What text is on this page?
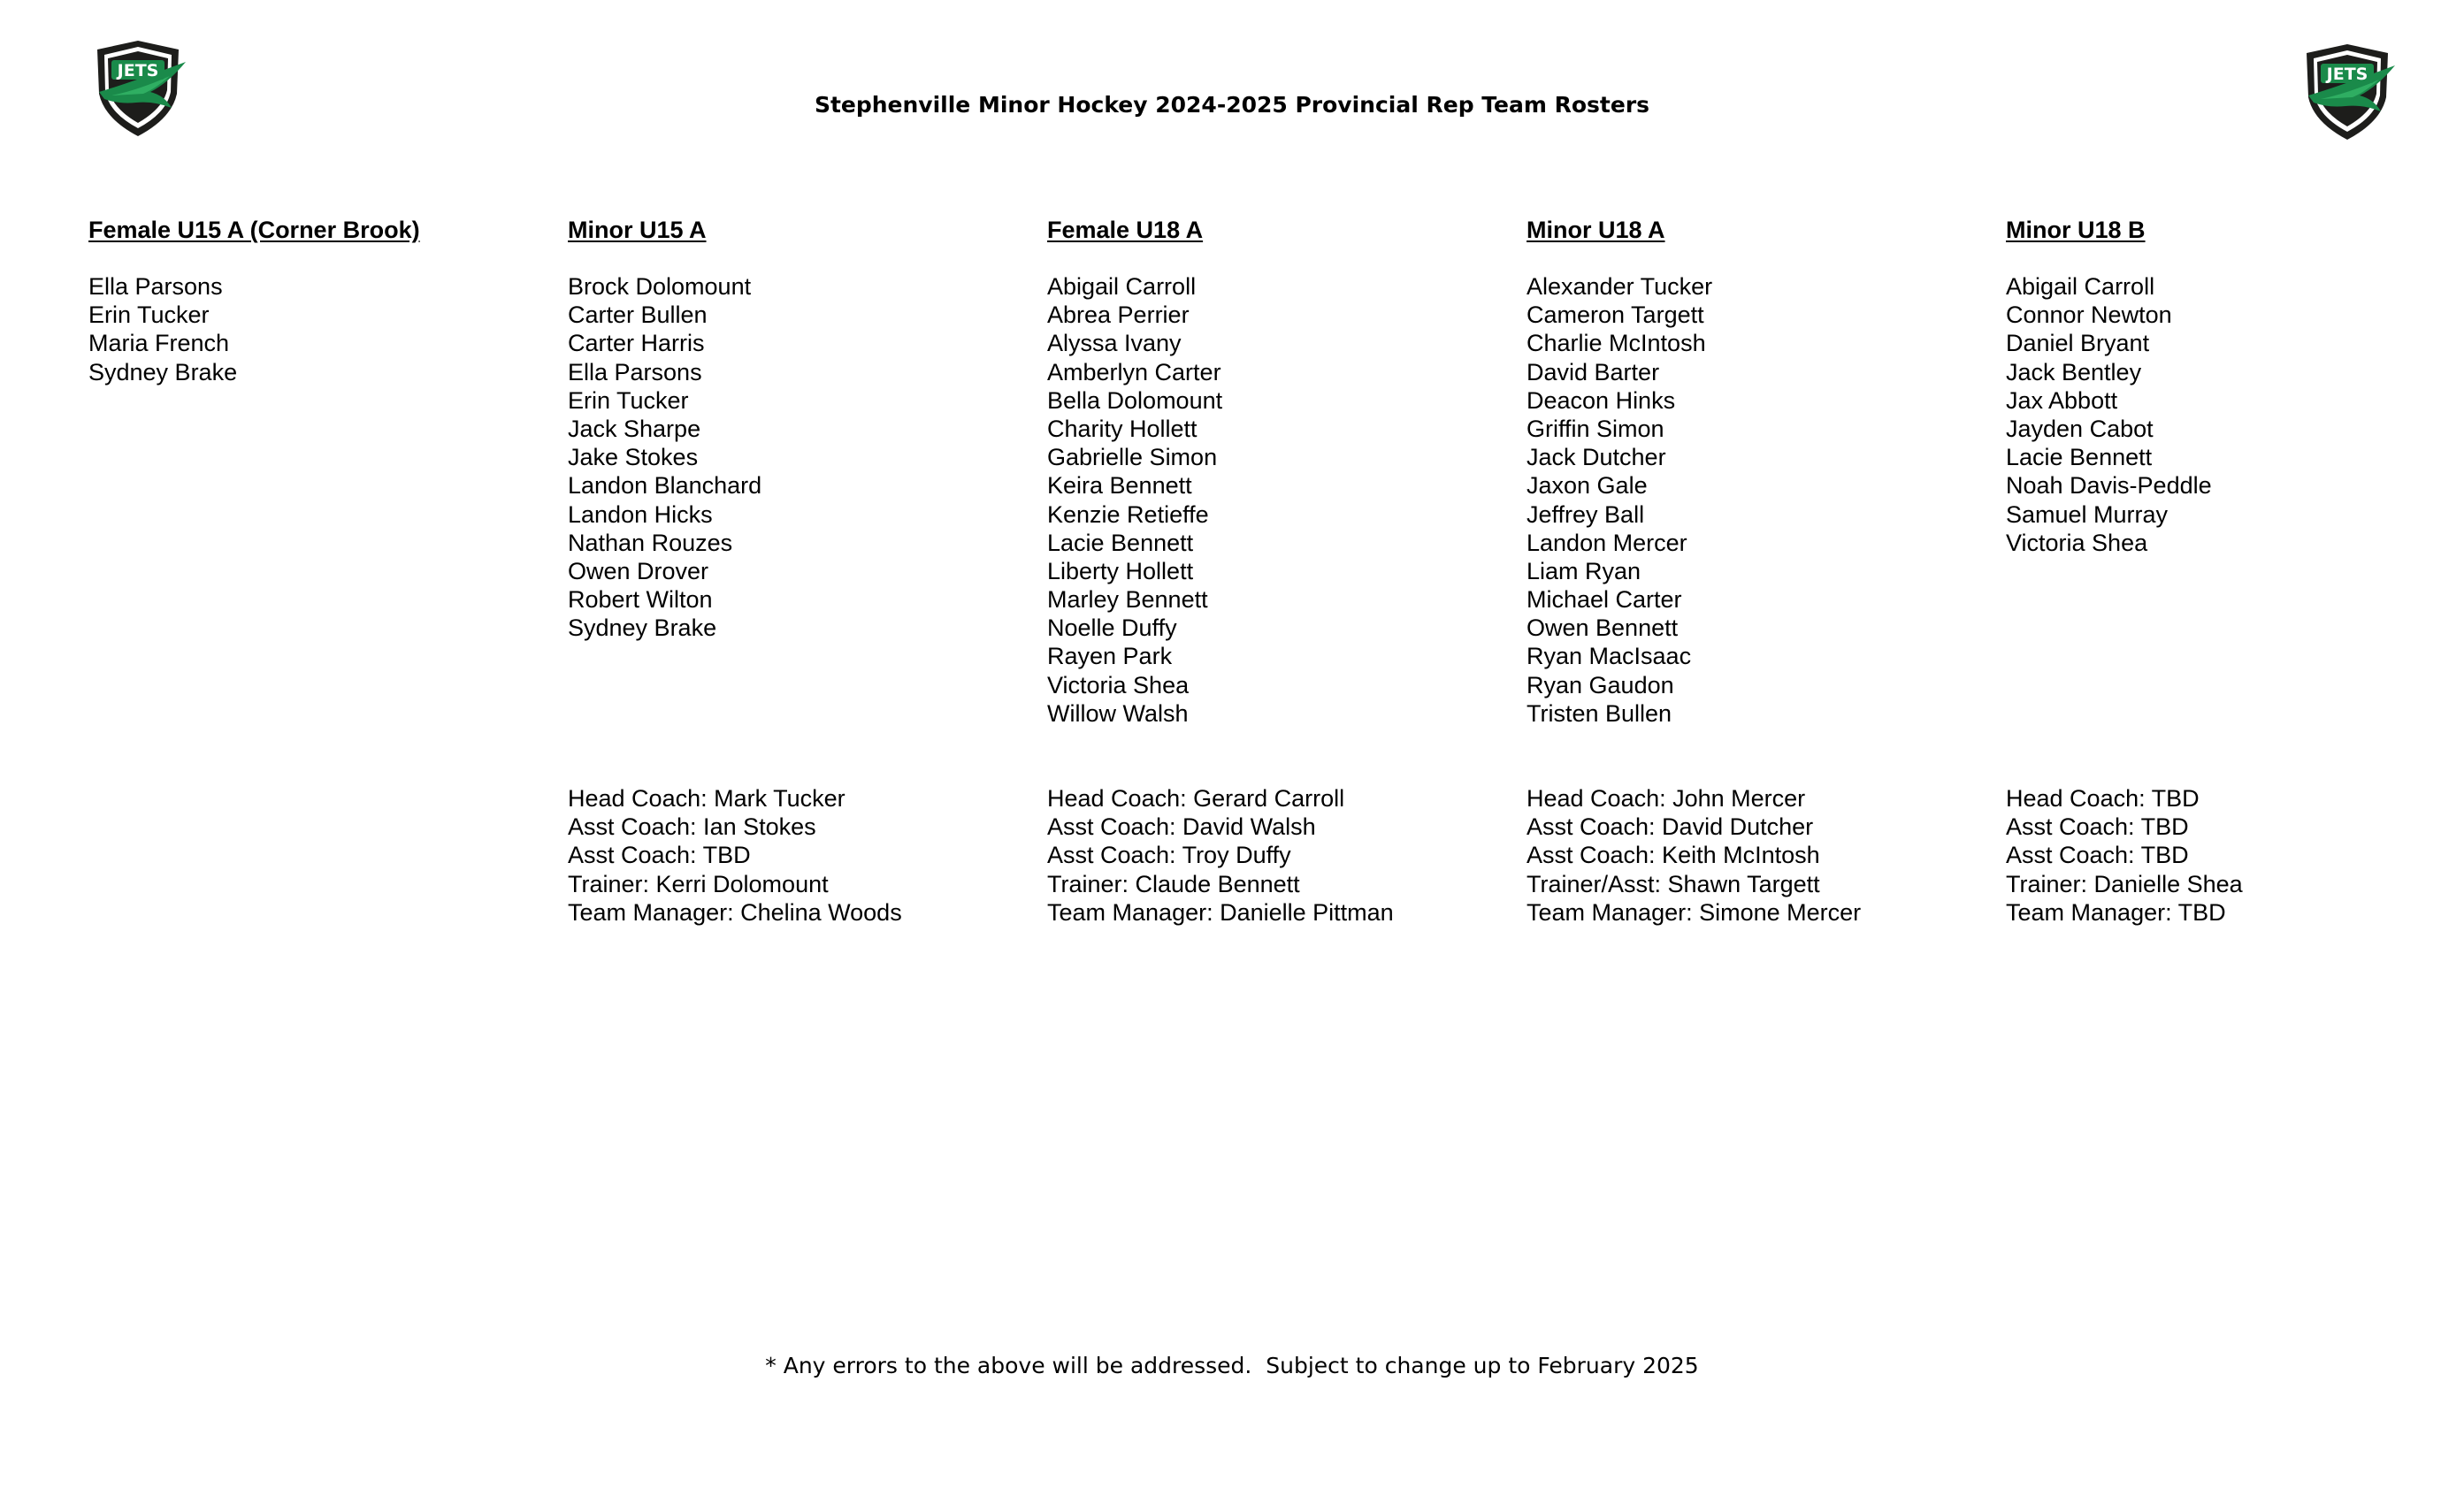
JETS	JETS
Stephenville Minor Hockey 2024-2025 Provincial Rep Team Rosters
Female U15 A (Corner Brook)
Ella Parsons
Erin Tucker
Maria French
Sydney Brake
Minor U15 A
Brock Dolomount
Carter Bullen
Carter Harris
Ella Parsons
Erin Tucker
Jack Sharpe
Jake Stokes
Landon Blanchard
Landon Hicks
Nathan Rouzes
Owen Drover
Robert Wilton
Sydney Brake
Head Coach: Mark Tucker
Asst Coach: Ian Stokes
Asst Coach: TBD
Trainer: Kerri Dolomount
Team Manager: Chelina Woods
Female U18 A
Abigail Carroll
Abrea Perrier
Alyssa Ivany
Amberlyn Carter
Bella Dolomount
Charity Hollett
Gabrielle Simon
Keira Bennett
Kenzie Retieffe
Lacie Bennett
Liberty Hollett
Marley Bennett
Noelle Duffy
Rayen Park
Victoria Shea
Willow Walsh
Head Coach: Gerard Carroll
Asst Coach: David Walsh
Asst Coach: Troy Duffy
Trainer: Claude Bennett
Team Manager: Danielle Pittman
Minor U18 A
Alexander Tucker
Cameron Targett
Charlie McIntosh
David Barter
Deacon Hinks
Griffin Simon
Jack Dutcher
Jaxon Gale
Jeffrey Ball
Landon Mercer
Liam Ryan
Michael Carter
Owen Bennett
Ryan MacIsaac
Ryan Gaudon
Tristen Bullen
Head Coach: John Mercer
Asst Coach: David Dutcher
Asst Coach: Keith McIntosh
Trainer/Asst: Shawn Targett
Team Manager: Simone Mercer
Minor U18 B
Abigail Carroll
Connor Newton
Daniel Bryant
Jack Bentley
Jax Abbott
Jayden Cabot
Lacie Bennett
Noah Davis-Peddle
Samuel Murray
Victoria Shea
Head Coach: TBD
Asst Coach: TBD
Asst Coach: TBD
Trainer: Danielle Shea
Team Manager: TBD
* Any errors to the above will be addressed.  Subject to change up to February 2025
